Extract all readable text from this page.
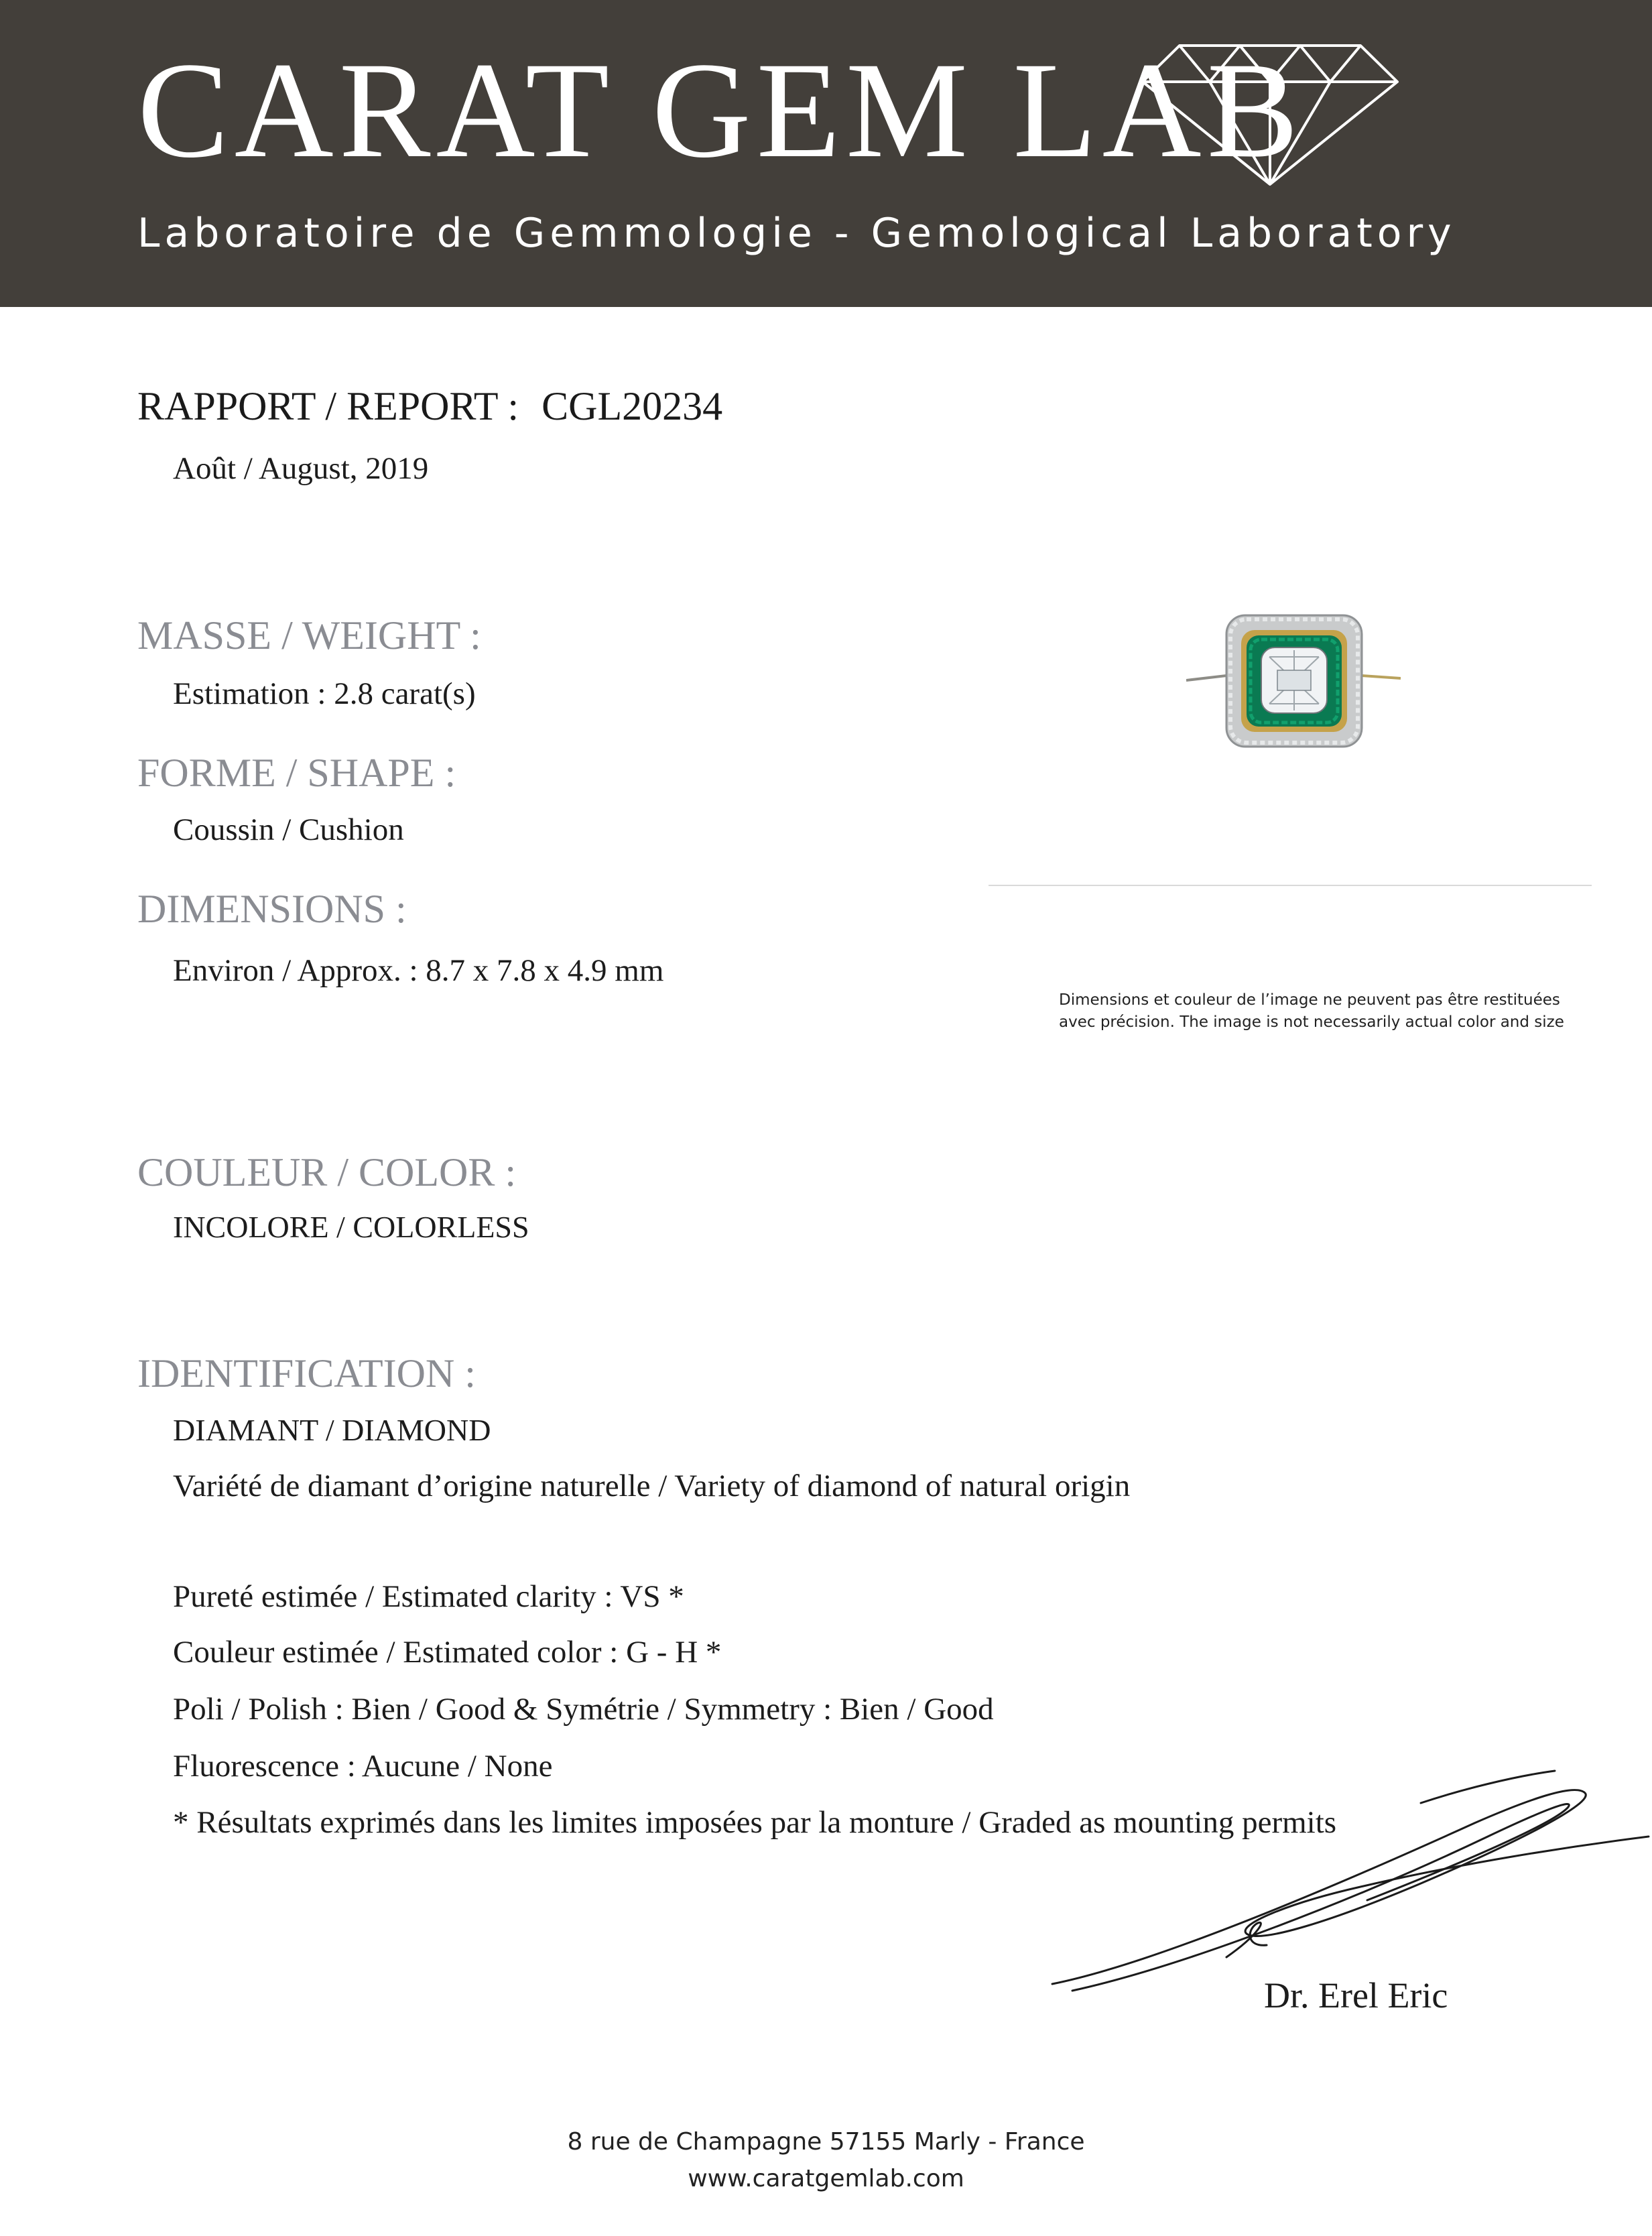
CARAT GEM LAB
Laboratoire de Gemmologie - Gemological Laboratory
RAPPORT / REPORT : CGL20234
Août / August, 2019
MASSE / WEIGHT :
Estimation : 2.8 carat(s)
FORME / SHAPE :
Coussin / Cushion
DIMENSIONS :
Environ / Approx. : 8.7 x 7.8 x 4.9 mm
Dimensions et couleur de l’image ne peuvent pas être restituées
avec précision. The image is not necessarily actual color and size
COULEUR / COLOR :
INCOLORE / COLORLESS
IDENTIFICATION :
DIAMANT / DIAMOND
Variété de diamant d’origine naturelle / Variety of diamond of natural origin
Pureté estimée / Estimated clarity : VS *
Couleur estimée / Estimated color : G - H *
Poli / Polish : Bien / Good & Symétrie / Symmetry : Bien / Good
Fluorescence : Aucune / None
* Résultats exprimés dans les limites imposées par la monture / Graded as mounting permits
Dr. Erel Eric
8 rue de Champagne 57155 Marly - France
www.caratgemlab.com
